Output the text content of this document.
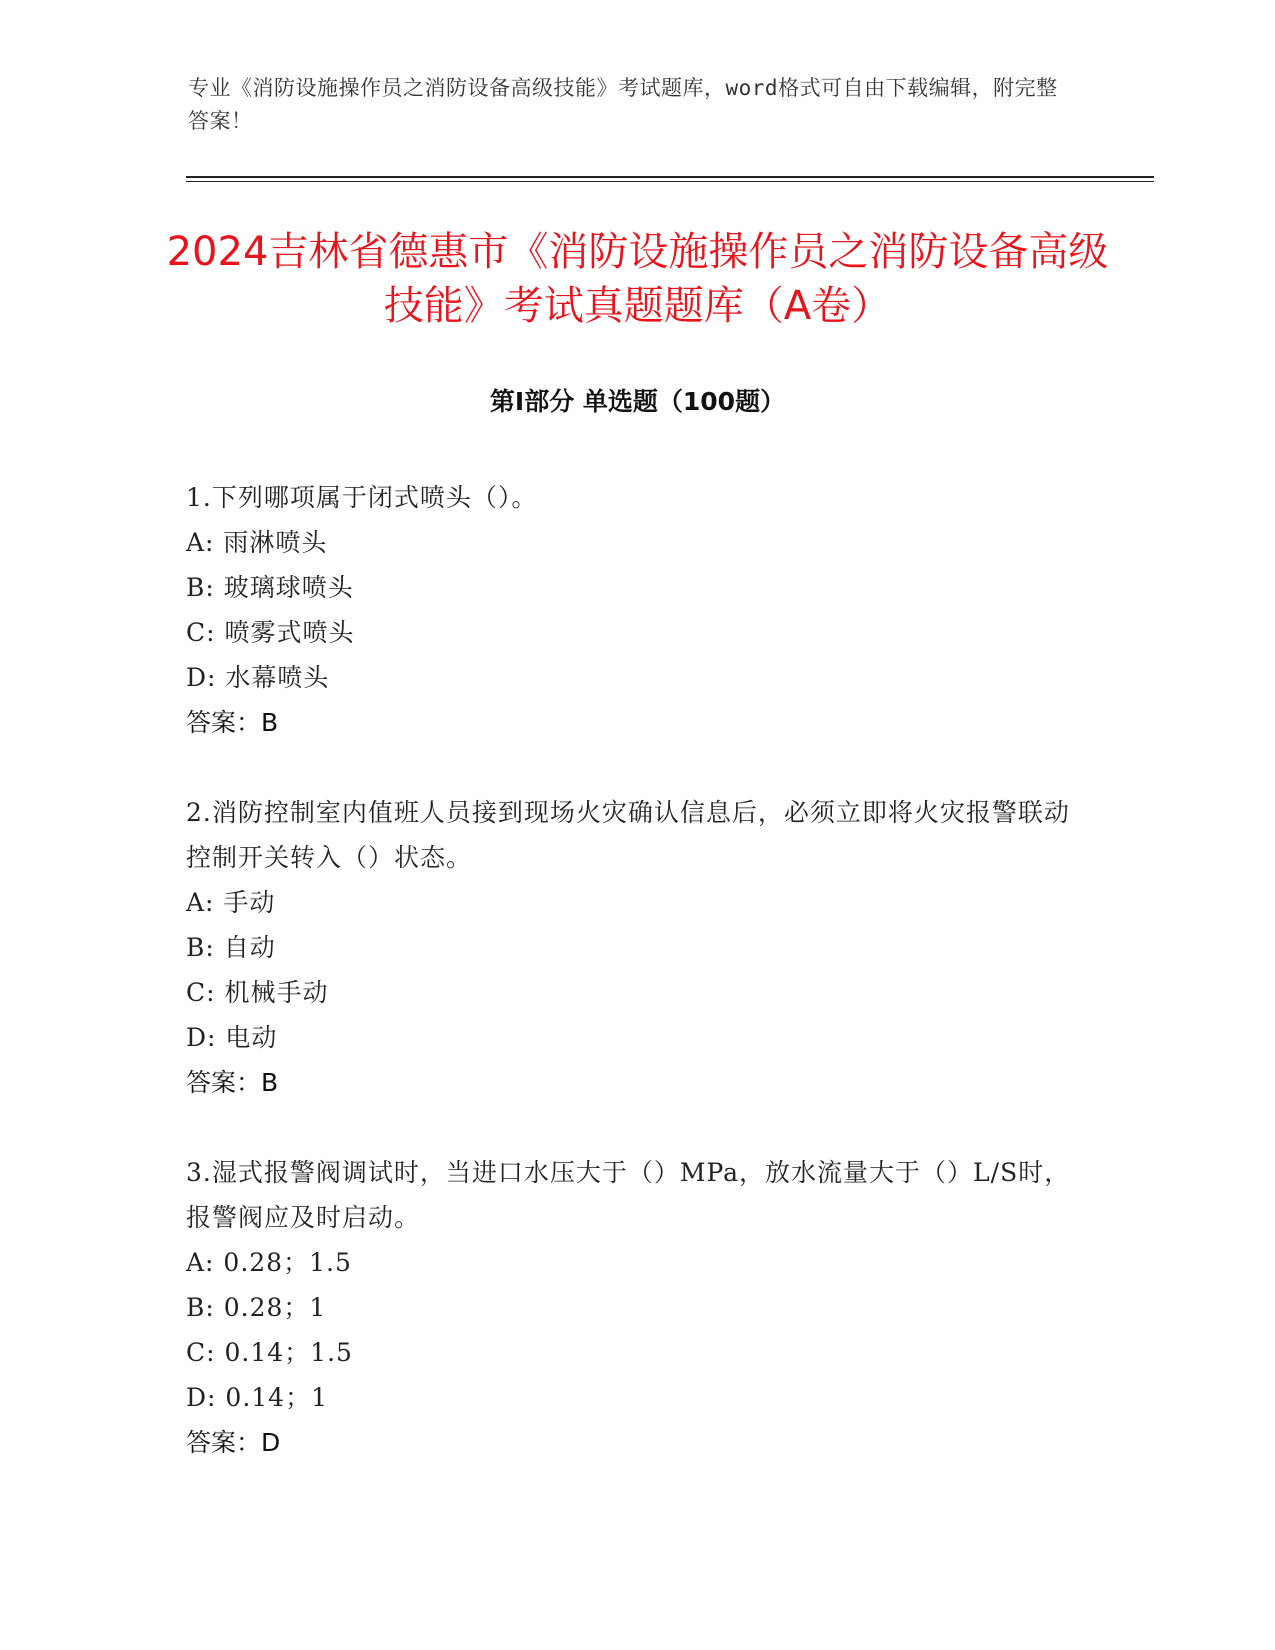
专业《消防设施操作员之消防设备高级技能》考试题库，word格式可自由下载编辑，附完整答案！
2024吉林省德惠市《消防设施操作员之消防设备高级技能》考试真题题库（A卷）
第I部分 单选题（100题）
1.下列哪项属于闭式喷头（）。
A: 雨淋喷头
B: 玻璃球喷头
C: 喷雾式喷头
D: 水幕喷头
答案：B
2.消防控制室内值班人员接到现场火灾确认信息后，必须立即将火灾报警联动控制开关转入（）状态。
A: 手动
B: 自动
C: 机械手动
D: 电动
答案：B
3.湿式报警阀调试时，当进口水压大于（）MPa，放水流量大于（）L/S时，报警阀应及时启动。
A: 0.28；1.5
B: 0.28；1
C: 0.14；1.5
D: 0.14；1
答案：D
